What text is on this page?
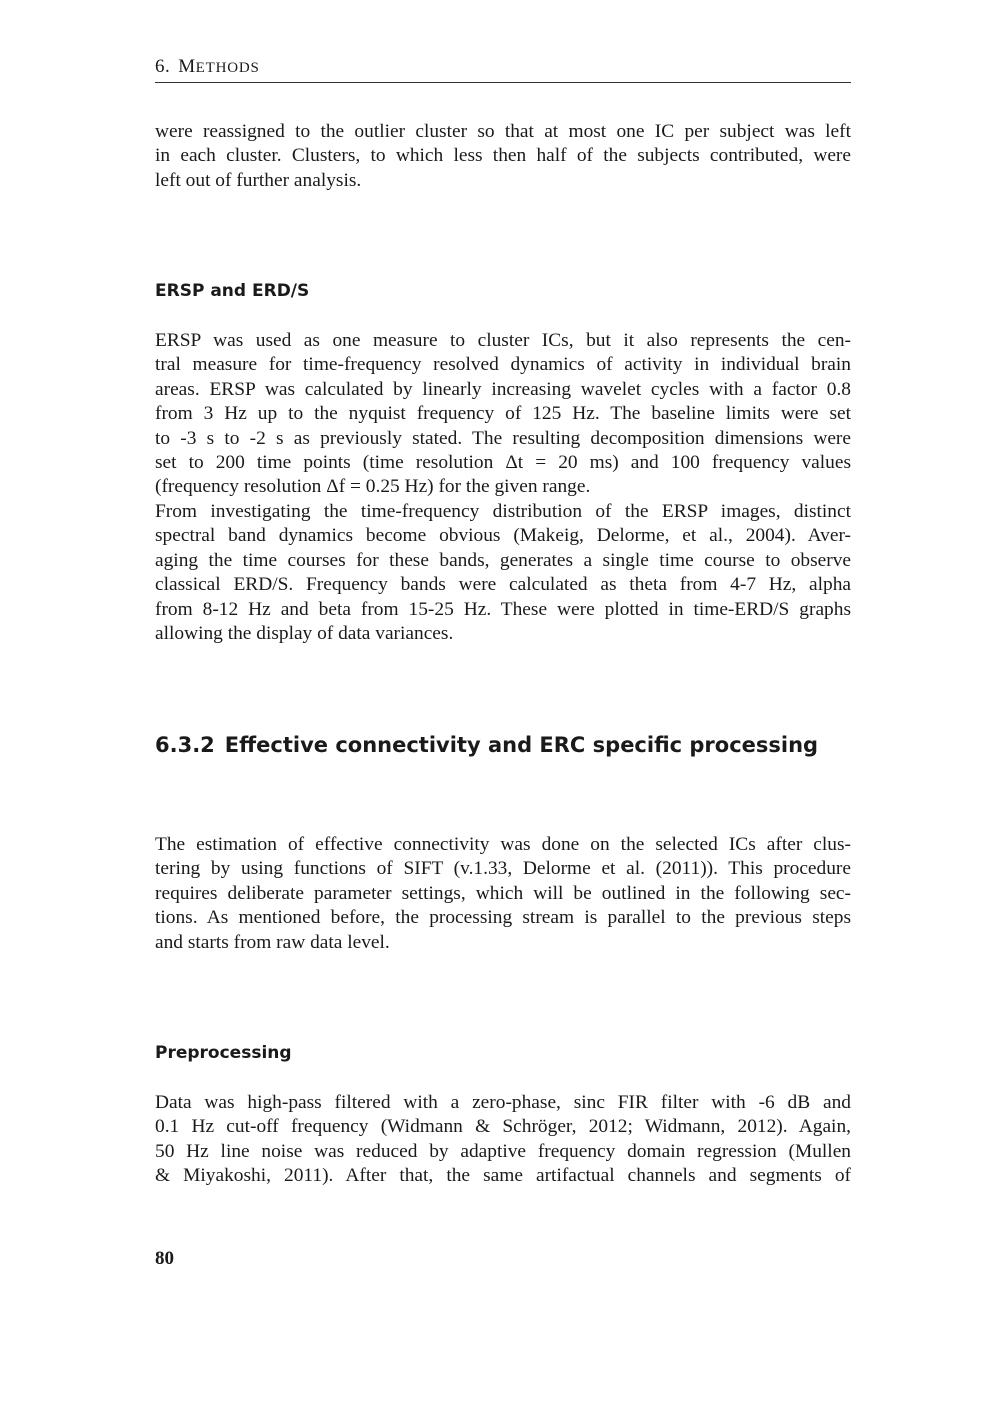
6. METHODS
were reassigned to the outlier cluster so that at most one IC per subject was left
in each cluster. Clusters, to which less then half of the subjects contributed, were
left out of further analysis.
ERSP and ERD/S
ERSP was used as one measure to cluster ICs, but it also represents the cen-
tral measure for time-frequency resolved dynamics of activity in individual brain
areas. ERSP was calculated by linearly increasing wavelet cycles with a factor 0.8
from 3 Hz up to the nyquist frequency of 125 Hz. The baseline limits were set
to -3 s to -2 s as previously stated. The resulting decomposition dimensions were
set to 200 time points (time resolution Δt = 20 ms) and 100 frequency values
(frequency resolution Δf = 0.25 Hz) for the given range.
From investigating the time-frequency distribution of the ERSP images, distinct
spectral band dynamics become obvious (Makeig, Delorme, et al., 2004). Aver-
aging the time courses for these bands, generates a single time course to observe
classical ERD/S. Frequency bands were calculated as theta from 4-7 Hz, alpha
from 8-12 Hz and beta from 15-25 Hz. These were plotted in time-ERD/S graphs
allowing the display of data variances.
6.3.2 Effective connectivity and ERC specific processing
The estimation of effective connectivity was done on the selected ICs after clus-
tering by using functions of SIFT (v.1.33, Delorme et al. (2011)). This procedure
requires deliberate parameter settings, which will be outlined in the following sec-
tions. As mentioned before, the processing stream is parallel to the previous steps
and starts from raw data level.
Preprocessing
Data was high-pass filtered with a zero-phase, sinc FIR filter with -6 dB and
0.1 Hz cut-off frequency (Widmann & Schröger, 2012; Widmann, 2012). Again,
50 Hz line noise was reduced by adaptive frequency domain regression (Mullen
& Miyakoshi, 2011). After that, the same artifactual channels and segments of
80
